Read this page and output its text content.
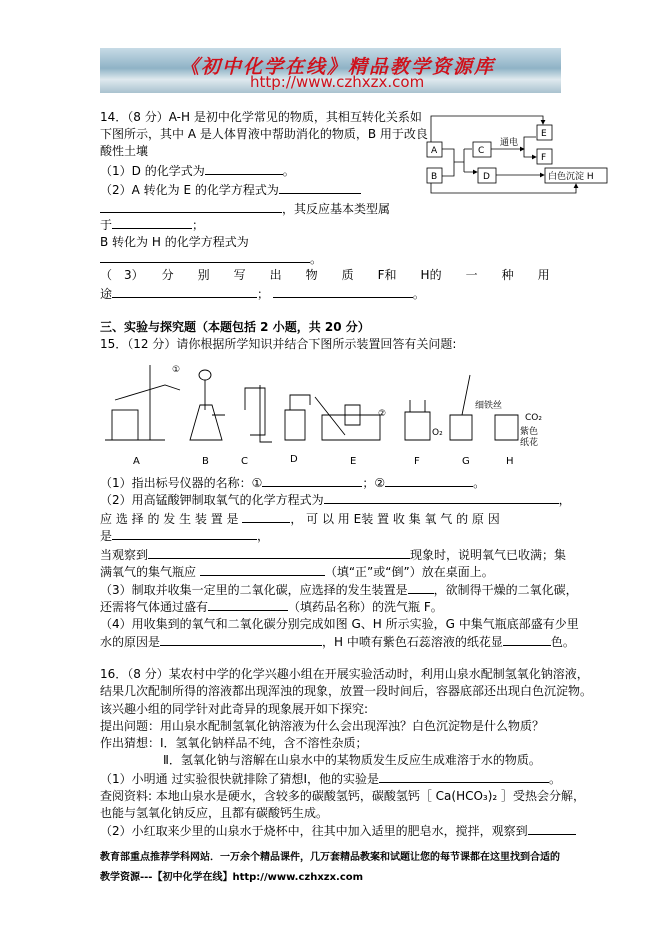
《初中化学在线》精品教学资源库
http://www.czhxzx.com
14．（8 分）A-H 是初中化学常见的物质，其相互转化关系如
下图所示，其中 A 是人体胃液中帮助消化的物质，B 用于改良
酸性土壤
（1）D 的化学式为	。
（2）A 转化为 E 的化学方程式为
，其反应基本类型属
于	；
B 转化为 H 的化学方程式为
。
（　3）　　分　　别　　写　　出　　物　　质　　F和　　H的　　一　　种　　用
途	；	。
A
B
C
D
E
F
白色沉淀 H
通电
三、实验与探究题（本题包括 2 小题，共 20 分）
15．（12 分）请你根据所学知识并结合下图所示装置回答有关问题:
①
②
细铁丝
O₂
CO₂
紫色
纸花
A	B	C	D	E	F	G	H
（1）指出标号仪器的名称：①	；②	。
（2）用高锰酸钾制取氧气的化学方程式为	，
应 选 择 的 发 生 装 置 是	， 可 以 用 E装 置 收 集 氧 气 的 原 因
是	，
当观察到	现象时，说明氧气已收满；集
满氧气的集气瓶应	（填“正”或“倒”）放在桌面上。
（3）制取并收集一定里的二氧化碳，应选择的发生装置是 ，欲制得干燥的二氧化碳，
还需将气体通过盛有	（填药品名称）的洗气瓶 F。
（4）用收集到的氧气和二氧化碳分别完成如图 G、H 所示实验，G 中集气瓶底部盛有少里
水的原因是	，H 中喷有紫色石蕊溶液的纸花显	色。
16．（8 分）某农村中学的化学兴趣小组在开展实验活动时，利用山泉水配制氢氧化钠溶液，
结果几次配制所得的溶液都出现浑浊的现象，放置一段时间后，容器底部还出现白色沉淀物。
该兴趣小组的同学针对此奇异的现象展开如下探究:
提出问题：用山泉水配制氢氧化钠溶液为什么会出现浑浊？白色沉淀物是什么物质？
作出猜想：Ⅰ．氢氧化钠样品不纯，含不溶性杂质；
Ⅱ．氢氧化钠与溶解在山泉水中的某物质发生反应生成难溶于水的物质。
（1）小明通 过实验很快就排除了猜想Ⅰ，他的实验是	。
查阅资料: 本地山泉水是硬水，含较多的碳酸氢钙，碳酸氢钙［ Ca(HCO₃)₂ ］受热会分解，
也能与氢氧化钠反应，且都有碳酸钙生成。
（2）小红取来少里的山泉水于烧杯中，往其中加入适里的肥皂水，搅拌，观察到
教育部重点推荐学科网站．一万余个精品课件，几万套精品教案和试题让您的每节课都在这里找到合适的
教学资源---【初中化学在线】http://www.czhxzx.com
